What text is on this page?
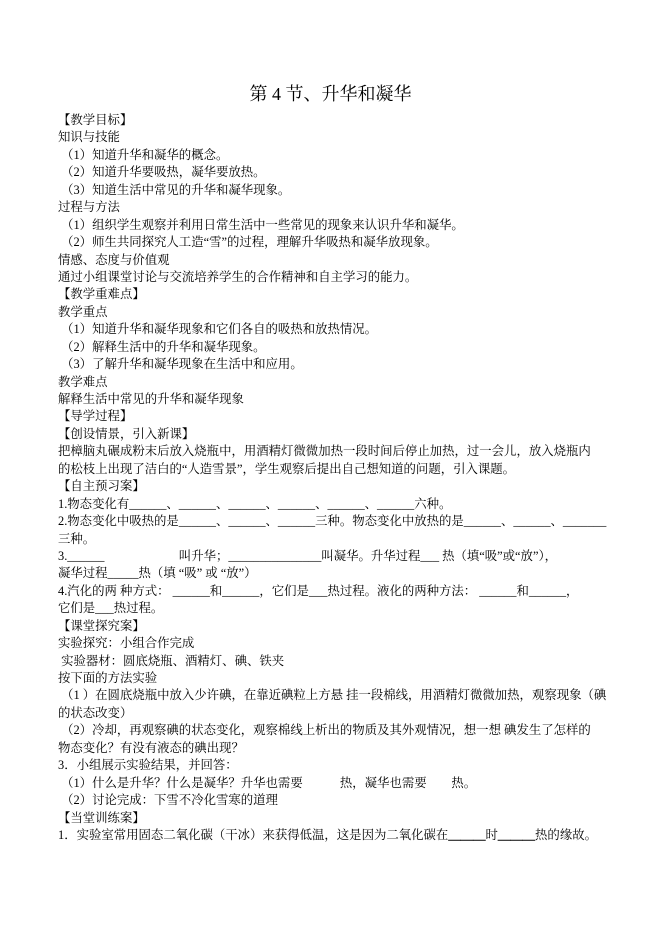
第 4 节、升华和凝华
【教学目标】
知识与技能
（1）知道升华和凝华的概念。
（2）知道升华要吸热，凝华要放热。
（3）知道生活中常见的升华和凝华现象。
过程与方法
（1）组织学生观察并利用日常生活中一些常见的现象来认识升华和凝华。
（2）师生共同探究人工造“雪”的过程，理解升华吸热和凝华放现象。
情感、态度与价值观
通过小组课堂讨论与交流培养学生的合作精神和自主学习的能力。
【教学重难点】
教学重点
（1）知道升华和凝华现象和它们各自的吸热和放热情况。
（2）解释生活中的升华和凝华现象。
（3）了解升华和凝华现象在生活中和应用。
教学难点
解释生活中常见的升华和凝华现象
【导学过程】
【创设情景，引入新课】
把樟脑丸碾成粉末后放入烧瓶中，用酒精灯微微加热一段时间后停止加热，过一会儿，放入烧瓶内
的松枝上出现了洁白的“人造雪景”，学生观察后提出自己想知道的问题，引入课题。
【自主预习案】
1.物态变化有______、______、______、______、______、______六种。
2.物态变化中吸热的是______、______、______三种。物态变化中放热的是______、______、_______
三种。
3.______　　　　　　叫升华；_______________叫凝华。升华过程___ 热（填“吸”或“放”），
凝华过程_____热（填 “吸” 或 “放”）
4.汽化的两 种方式： ______和______，它们是___热过程。液化的两种方法： ______和______，
它们是___热过程。
【课堂探究案】
实验探究：小组合作完成
实验器材：圆底烧瓶、酒精灯、碘、铁夹
按下面的方法实验
（1 ）在圆底烧瓶中放入少许碘，在靠近碘粒上方悬 挂一段棉线，用酒精灯微微加热，观察现象（碘
的状态改变）
（2）冷却，再观察碘的状态变化，观察棉线上析出的物质及其外观情况，想一想 碘发生了怎样的
物态变化？有没有液态的碘出现？
3．小组展示实验结果，并回答：
（1）什么是升华？什么是凝华？升华也需要　　　热，凝华也需要　　热。
（2）讨论完成：下雪不冷化雪寒的道理
【当堂训练案】
1．实验室常用固态二氧化碳（干冰）来获得低温，这是因为二氧化碳在＿＿＿时＿＿＿热的缘故。
